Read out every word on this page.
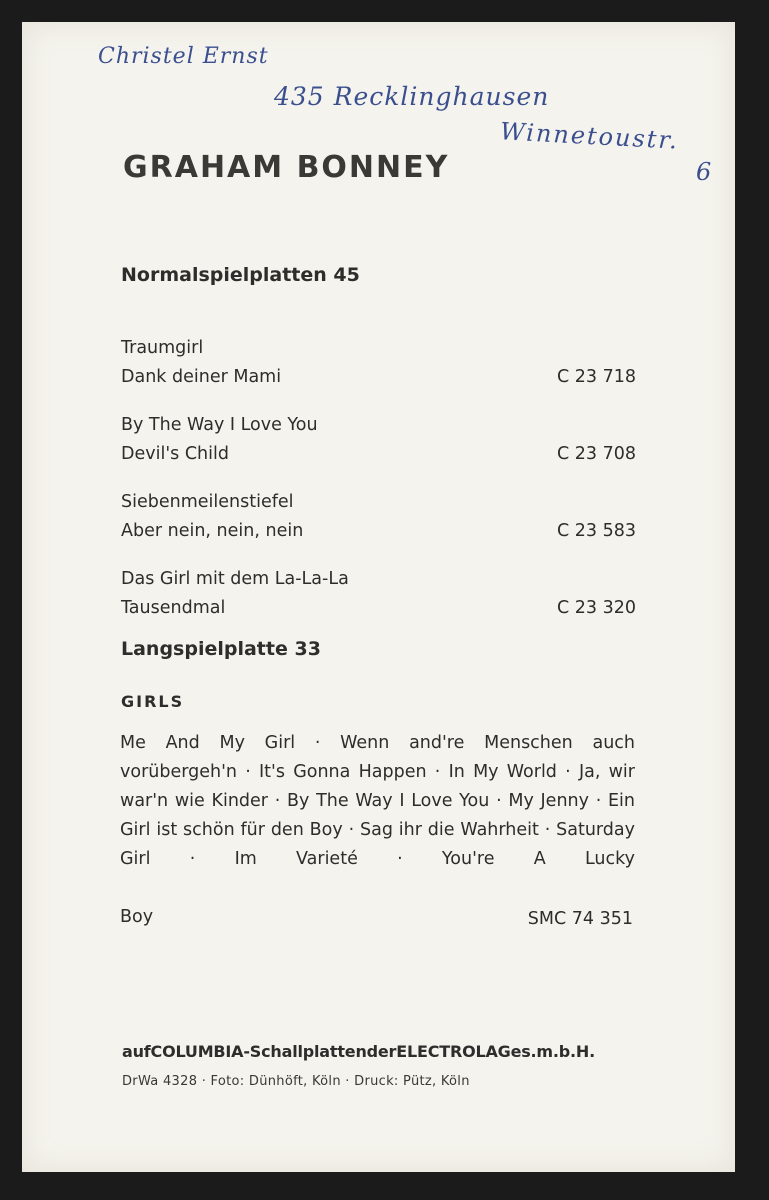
Christel Ernst
435 Recklinghausen
Winnetoustr.
6
GRAHAM BONNEY
Normalspielplatten 45
Traumgirl
Dank deiner Mami	C 23 718
By The Way I Love You
Devil's Child	C 23 708
Siebenmeilenstiefel
Aber nein, nein, nein	C 23 583
Das Girl mit dem La-La-La
Tausendmal	C 23 320
Langspielplatte 33
GIRLS
Me And My Girl · Wenn and're Menschen auch vorübergeh'n · It's Gonna Happen · In My World · Ja, wir war'n wie Kinder · By The Way I Love You · My Jenny · Ein Girl ist schön für den Boy · Sag ihr die Wahrheit · Saturday Girl · Im Varieté · You're A Lucky
Boy	SMC 74 351
aufCOLUMBIA-SchallplattenderELECTROLAGes.m.b.H.
DrWa 4328 · Foto: Dünhöft, Köln · Druck: Pütz, Köln
